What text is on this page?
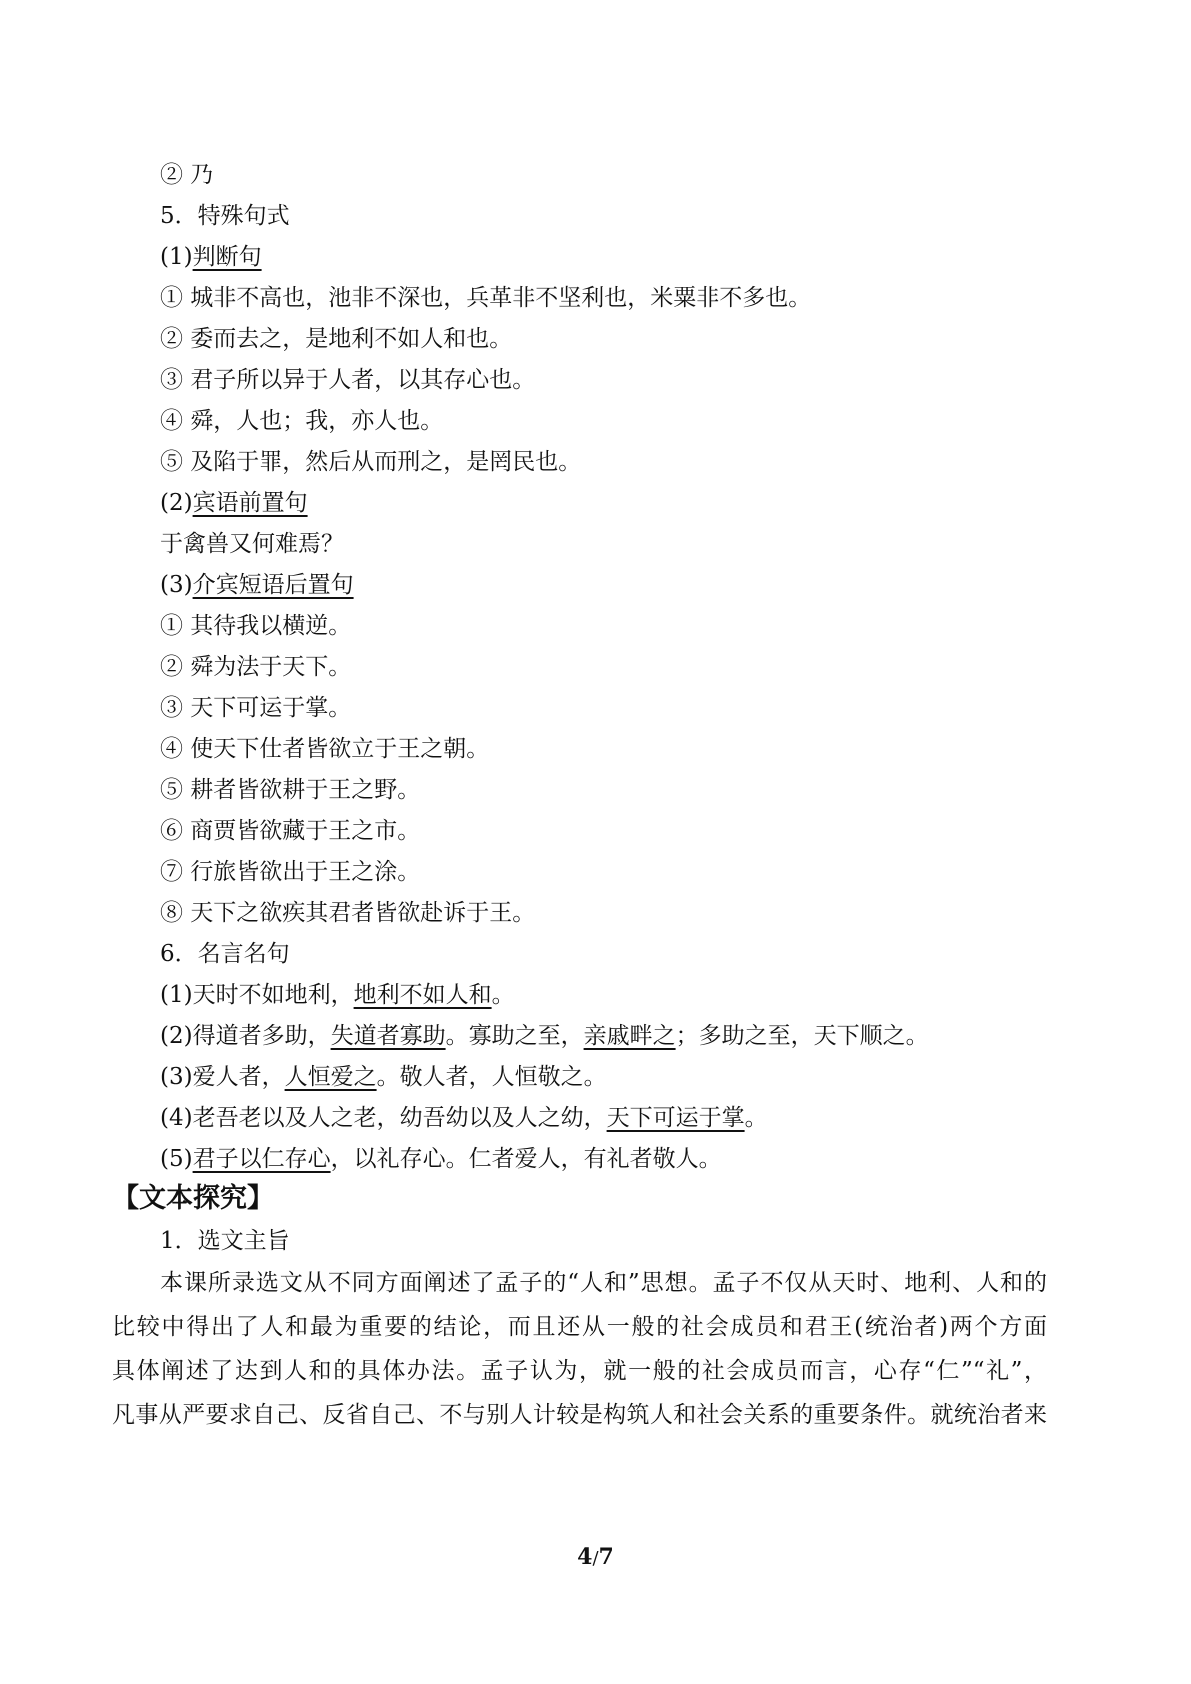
② 乃
5．特殊句式
(1)判断句
① 城非不高也，池非不深也，兵革非不坚利也，米粟非不多也。
② 委而去之，是地利不如人和也。
③ 君子所以异于人者，以其存心也。
④ 舜，人也；我，亦人也。
⑤ 及陷于罪，然后从而刑之，是罔民也。
(2)宾语前置句
于禽兽又何难焉？
(3)介宾短语后置句
① 其待我以横逆。
② 舜为法于天下。
③ 天下可运于掌。
④ 使天下仕者皆欲立于王之朝。
⑤ 耕者皆欲耕于王之野。
⑥ 商贾皆欲藏于王之市。
⑦ 行旅皆欲出于王之涂。
⑧ 天下之欲疾其君者皆欲赴诉于王。
6．名言名句
(1)天时不如地利，地利不如人和。
(2)得道者多助，失道者寡助。寡助之至，亲戚畔之；多助之至，天下顺之。
(3)爱人者，人恒爱之。敬人者，人恒敬之。
(4)老吾老以及人之老，幼吾幼以及人之幼，天下可运于掌。
(5)君子以仁存心，以礼存心。仁者爱人，有礼者敬人。
【文本探究】
1．选文主旨
本课所录选文从不同方面阐述了孟子的“人和”思想。孟子不仅从天时、地利、人和的
比较中得出了人和最为重要的结论，而且还从一般的社会成员和君王(统治者)两个方面
具体阐述了达到人和的具体办法。孟子认为，就一般的社会成员而言，心存“仁”“礼”，
凡事从严要求自己、反省自己、不与别人计较是构筑人和社会关系的重要条件。就统治者来
4/7
